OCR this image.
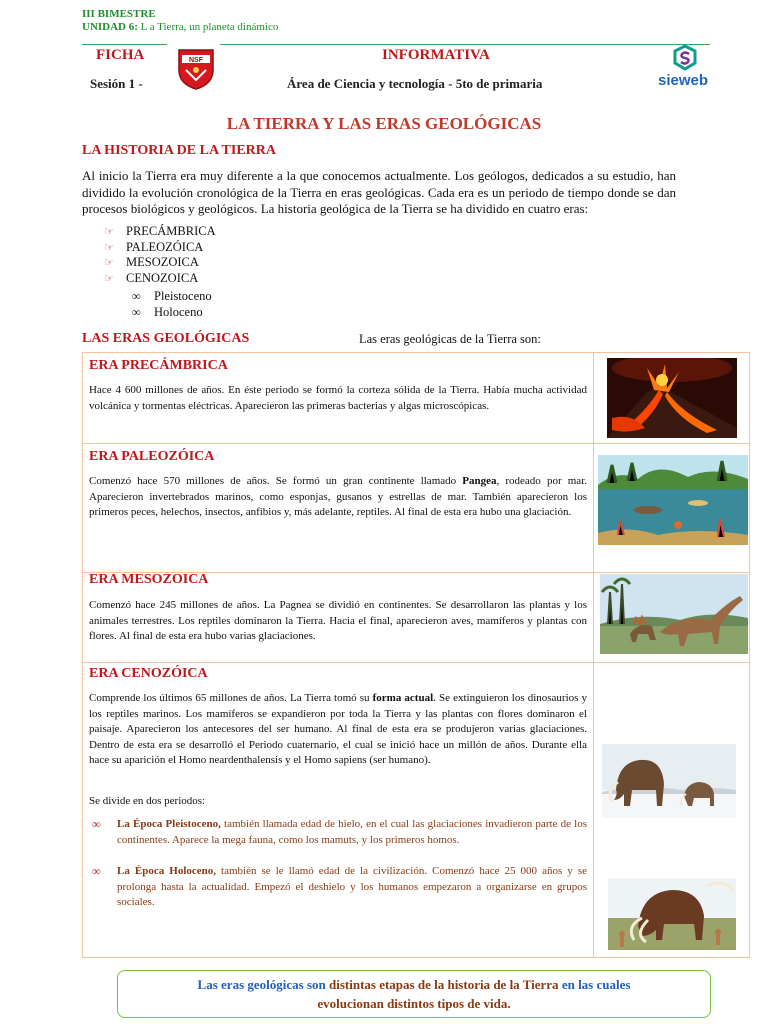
III BIMESTRE
UNIDAD 6: L a Tierra, un planeta dinámico
FICHA	INFORMATIVA
Sesión 1 -	Área de Ciencia y tecnología - 5to de primaria
NSF
sieweb
LA TIERRA Y LAS ERAS GEOLÓGICAS
LA HISTORIA DE LA TIERRA
Al inicio la Tierra era muy diferente a la que conocemos actualmente. Los geólogos, dedicados a su estudio, han dividido la evolución cronológica de la Tierra en eras geológicas. Cada era es un periodo de tiempo donde se dan procesos biológicos y geológicos. La historia geológica de la Tierra se ha dividido en cuatro eras:
☞ PRECÁMBRICA
☞ PALEOZÓICA
☞ MESOZOICA
☞ CENOZOICA
∞ Pleistoceno
∞ Holoceno
LAS ERAS GEOLÓGICAS	Las eras geológicas de la Tierra son:
ERA PRECÁMBRICA
Hace 4 600 millones de años. En éste periodo se formó la corteza sólida de la Tierra. Había mucha actividad volcánica y tormentas eléctricas. Aparecieron las primeras bacterias y algas microscópicas.
ERA PALEOZÓICA
Comenzó hace 570 millones de años. Se formó un gran continente llamado Pangea, rodeado por mar. Aparecieron invertebrados marinos, como esponjas, gusanos y estrellas de mar. También aparecieron los primeros peces, helechos, insectos, anfibios y, más adelante, reptiles. Al final de esta era hubo una glaciación.
ERA MESOZOICA
Comenzó hace 245 millones de años. La Pagnea se dividió en continentes. Se desarrollaron las plantas y los animales terrestres. Los reptiles dominaron la Tierra. Hacia el final, aparecieron aves, mamíferos y plantas con flores. Al final de esta era hubo varias glaciaciones.
ERA CENOZÓICA
Comprende los últimos 65 millones de años. La Tierra tomó su forma actual. Se extinguieron los dinosaurios y los reptiles marinos. Los mamíferos se expandieron por toda la Tierra y las plantas con flores dominaron el paisaje. Aparecieron los antecesores del ser humano. Al final de esta era se produjeron varias glaciaciones. Dentro de esta era se desarrolló el Periodo cuaternario, el cual se inició hace un millón de años. Durante ella hace su aparición el Homo neardenthalensis y el Homo sapiens (ser humano).
Se divide en dos periodos:
∞ La Época Pleistoceno, también llamada edad de hielo, en el cual las glaciaciones invadieron parte de los continentes. Aparece la mega fauna, como los mamuts, y los primeros homos.
∞ La Época Holoceno, también se le llamó edad de la civilización. Comenzó hace 25 000 años y se prolonga hasta la actualidad. Empezó el deshielo y los humanos empezaron a organizarse en grupos sociales.
Las eras geológicas son distintas etapas de la historia de la Tierra en las cuales
evolucionan distintos tipos de vida.
